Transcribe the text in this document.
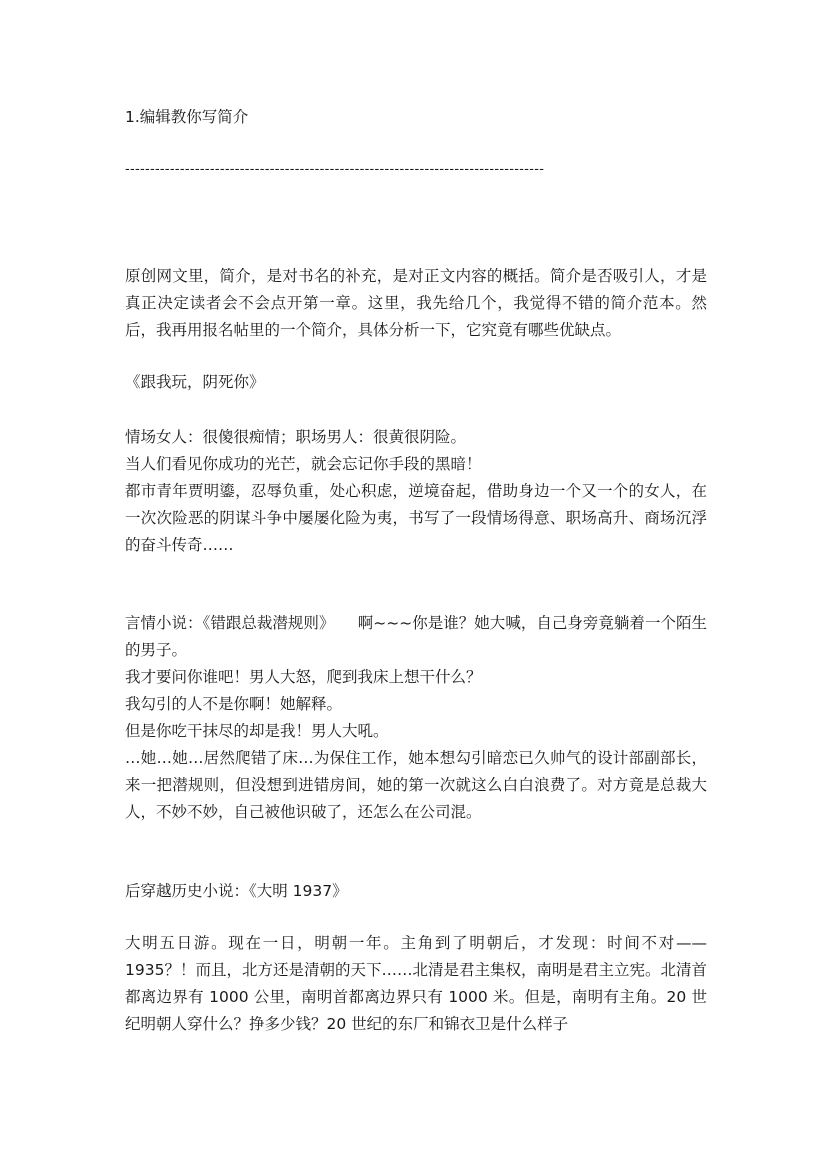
1.编辑教你写简介
------------------------------------------------------------------------------------

原创网文里，简介，是对书名的补充，是对正文内容的概括。简介是否吸引人，才是真正决定读者会不会点开第一章。这里，我先给几个，我觉得不错的简介范本。然后，我再用报名帖里的一个简介，具体分析一下，它究竟有哪些优缺点。

《跟我玩，阴死你》

情场女人：很傻很痴情；职场男人：很黄很阴险。

当人们看见你成功的光芒，就会忘记你手段的黑暗！

都市青年贾明鎏，忍辱负重，处心积虑，逆境奋起，借助身边一个又一个的女人，在一次次险恶的阴谋斗争中屡屡化险为夷，书写了一段情场得意、职场高升、商场沉浮的奋斗传奇……

言情小说：《错跟总裁潜规则》　　啊~~~你是谁？她大喊，自己身旁竟躺着一个陌生的男子。

我才要问你谁吧！男人大怒，爬到我床上想干什么？

我勾引的人不是你啊！她解释。

但是你吃干抹尽的却是我！男人大吼。

…她…她…居然爬错了床…为保住工作，她本想勾引暗恋已久帅气的设计部副部长，来一把潜规则，但没想到进错房间，她的第一次就这么白白浪费了。对方竟是总裁大人，不妙不妙，自己被他识破了，还怎么在公司混。

后穿越历史小说：《大明 1937》

大明五日游。现在一日，明朝一年。主角到了明朝后，才发现：时间不对——1935？！而且，北方还是清朝的天下……北清是君主集权，南明是君主立宪。北清首都离边界有 1000 公里，南明首都离边界只有 1000 米。但是，南明有主角。20 世纪明朝人穿什么？挣多少钱？20 世纪的东厂和锦衣卫是什么样子
